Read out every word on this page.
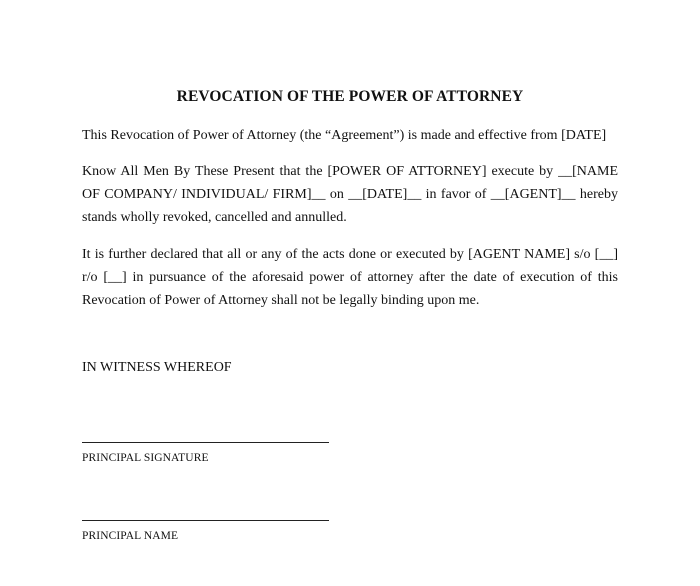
REVOCATION OF THE POWER OF ATTORNEY

This Revocation of Power of Attorney (the “Agreement”) is made and effective from [DATE]

Know All Men By These Present that the [POWER OF ATTORNEY] execute by __[NAME OF COMPANY/ INDIVIDUAL/ FIRM]__ on __[DATE]__ in favor of __[AGENT]__ hereby stands wholly revoked, cancelled and annulled.

It is further declared that all or any of the acts done or executed by [AGENT NAME] s/o [__] r/o [__] in pursuance of the aforesaid power of attorney after the date of execution of this Revocation of Power of Attorney shall not be legally binding upon me.

IN WITNESS WHEREOF
PRINCIPAL SIGNATURE
PRINCIPAL NAME
